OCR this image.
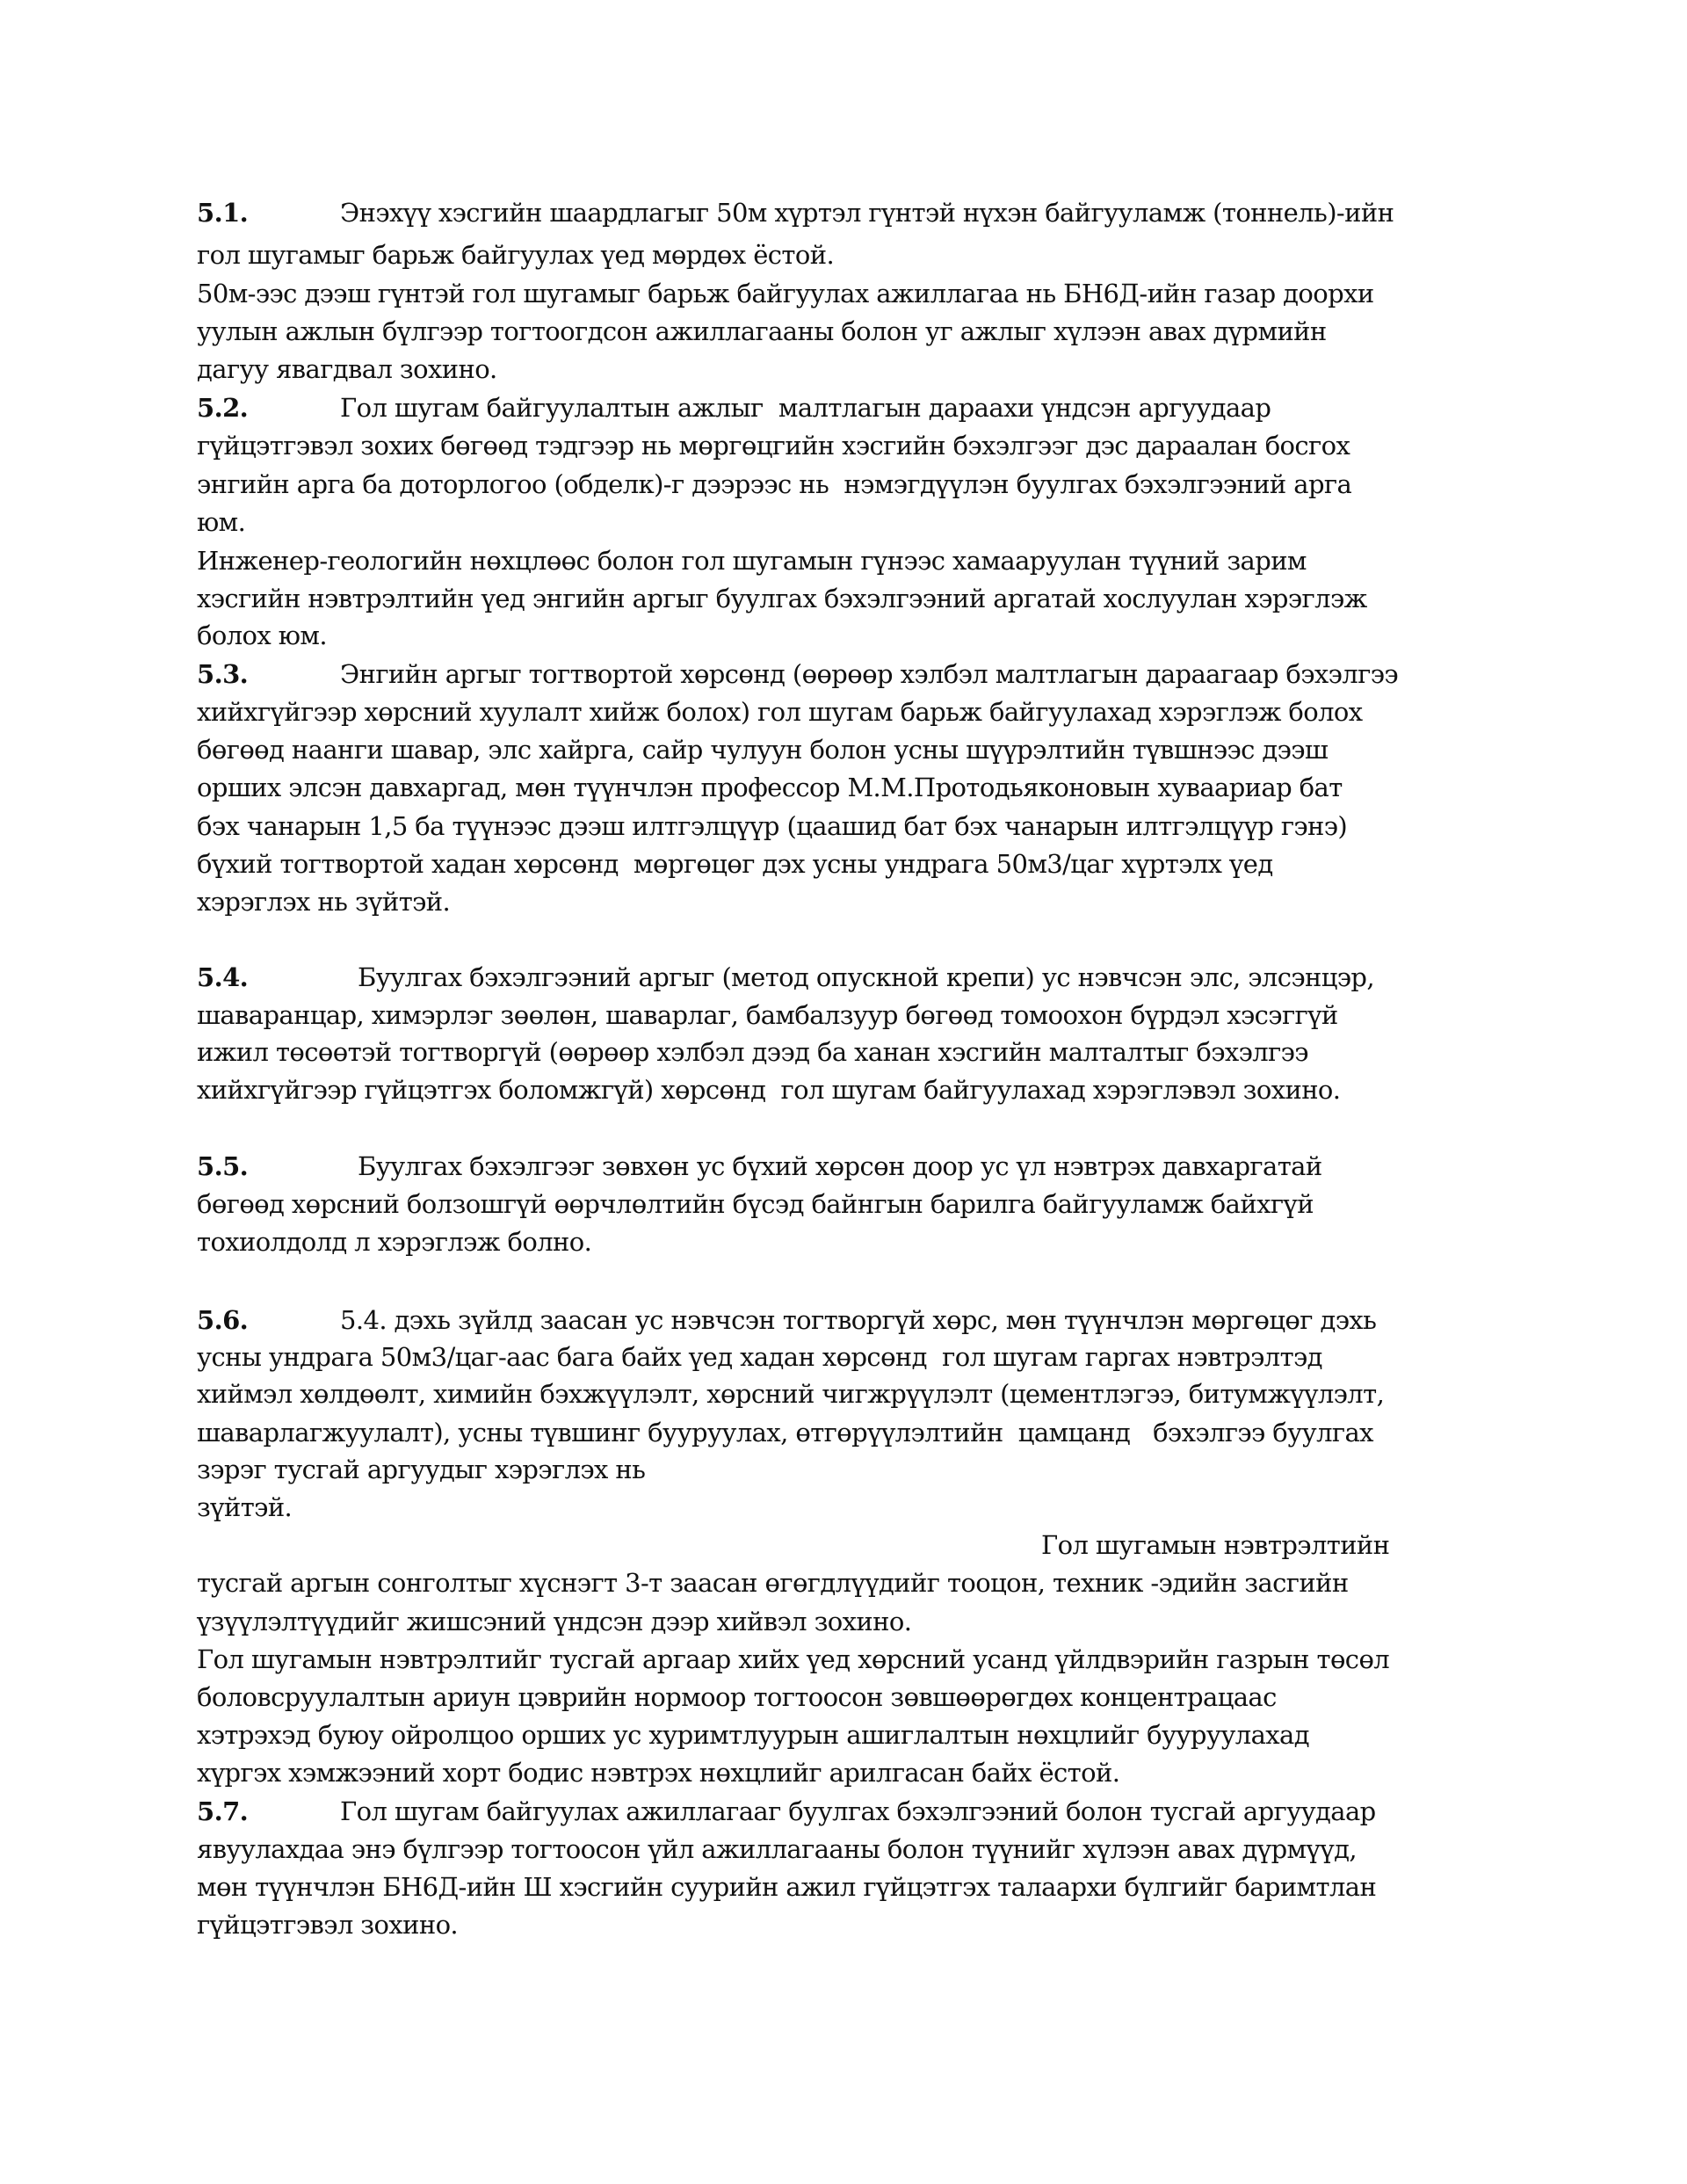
5.1.	Энэхүү хэсгийн шаардлагыг 50м хүртэл гүнтэй нүхэн байгууламж (тоннель)-ийн
гол шугамыг барьж байгуулах үед мөрдөх ёстой.
50м-ээс дээш гүнтэй гол шугамыг барьж байгуулах ажиллагаа нь БН6Д-ийн газар доорхи
уулын ажлын бүлгээр тогтоогдсон ажиллагааны болон уг ажлыг хүлээн авах дүрмийн
дагуу явагдвал зохино.
5.2.	Гол шугам байгуулалтын ажлыг  малтлагын дараахи үндсэн аргуудаар
гүйцэтгэвэл зохих бөгөөд тэдгээр нь мөргөцгийн хэсгийн бэхэлгээг дэс дараалан босгох
энгийн арга ба доторлогоо (обделк)-г дээрээс нь  нэмэгдүүлэн буулгах бэхэлгээний арга
юм.
Инженер-геологийн нөхцлөөс болон гол шугамын гүнээс хамааруулан түүний зарим
хэсгийн нэвтрэлтийн үед энгийн аргыг буулгах бэхэлгээний аргатай хослуулан хэрэглэж
болох юм.
5.3.	Энгийн аргыг тогтвортой хөрсөнд (өөрөөр хэлбэл малтлагын дараагаар бэхэлгээ
хийхгүйгээр хөрсний хуулалт хийж болох) гол шугам барьж байгуулахад хэрэглэж болох
бөгөөд наанги шавар, элс хайрга, сайр чулуун болон усны шүүрэлтийн түвшнээс дээш
орших элсэн давхаргад, мөн түүнчлэн профессор М.М.Протодьяконовын хуваариар бат
бэх чанарын 1,5 ба түүнээс дээш илтгэлцүүр (цаашид бат бэх чанарын илтгэлцүүр гэнэ)
бүхий тогтвортой хадан хөрсөнд  мөргөцөг дэх усны ундрага 50м3/цаг хүртэлх үед
хэрэглэх нь зүйтэй.
5.4.	Буулгах бэхэлгээний аргыг (метод опускной крепи) ус нэвчсэн элс, элсэнцэр,
шаваранцар, химэрлэг зөөлөн, шаварлаг, бамбалзуур бөгөөд томоохон бүрдэл хэсэггүй
ижил төсөөтэй тогтворгүй (өөрөөр хэлбэл дээд ба ханан хэсгийн малталтыг бэхэлгээ
хийхгүйгээр гүйцэтгэх боломжгүй) хөрсөнд  гол шугам байгуулахад хэрэглэвэл зохино.
5.5.	Буулгах бэхэлгээг зөвхөн ус бүхий хөрсөн доор ус үл нэвтрэх давхаргатай
бөгөөд хөрсний болзошгүй өөрчлөлтийн бүсэд байнгын барилга байгууламж байхгүй
тохиолдолд л хэрэглэж болно.
5.6.	5.4. дэхь зүйлд заасан ус нэвчсэн тогтворгүй хөрс, мөн түүнчлэн мөргөцөг дэхь
усны ундрага 50м3/цаг-аас бага байх үед хадан хөрсөнд  гол шугам гаргах нэвтрэлтэд
хиймэл хөлдөөлт, химийн бэхжүүлэлт, хөрсний чигжрүүлэлт (цементлэгээ, битумжүүлэлт,
шаварлагжуулалт), усны түвшинг бууруулах, өтгөрүүлэлтийн  цамцанд   бэхэлгээ буулгах
зэрэг тусгай аргуудыг хэрэглэх нь
зүйтэй.
Гол шугамын нэвтрэлтийн
тусгай аргын сонголтыг хүснэгт 3-т заасан өгөгдлүүдийг тооцон, техник -эдийн засгийн
үзүүлэлтүүдийг жишсэний үндсэн дээр хийвэл зохино.
Гол шугамын нэвтрэлтийг тусгай аргаар хийх үед хөрсний усанд үйлдвэрийн газрын төсөл
боловсруулалтын ариун цэврийн нормоор тогтоосон зөвшөөрөгдөх концентрацаас
хэтрэхэд буюу ойролцоо орших ус хуримтлуурын ашиглалтын нөхцлийг бууруулахад
хүргэх хэмжээний хорт бодис нэвтрэх нөхцлийг арилгасан байх ёстой.
5.7.	Гол шугам байгуулах ажиллагааг буулгах бэхэлгээний болон тусгай аргуудаар
явуулахдаа энэ бүлгээр тогтоосон үйл ажиллагааны болон түүнийг хүлээн авах дүрмүүд,
мөн түүнчлэн БН6Д-ийн Ш хэсгийн суурийн ажил гүйцэтгэх талаархи бүлгийг баримтлан
гүйцэтгэвэл зохино.
